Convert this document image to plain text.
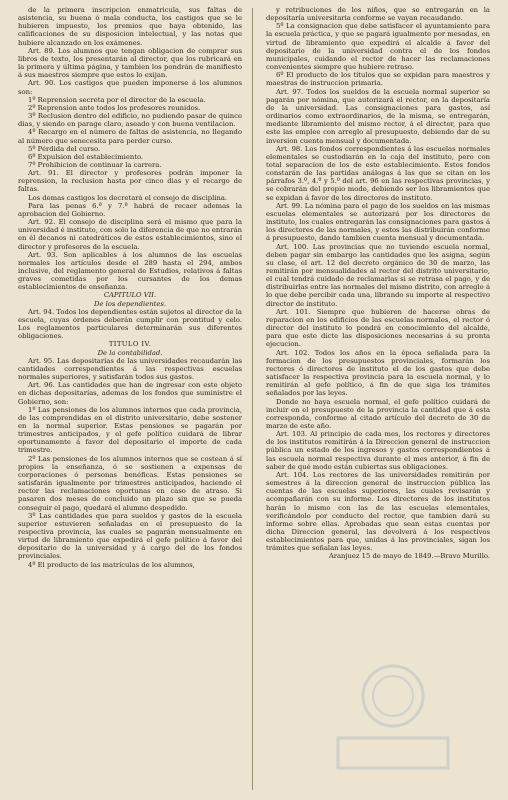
de la primera inscripcion enmatricula, sus faltas de asistencia, su buena ó mala conducta, los castigos que se le hubieren impuesto, los premios que haya obtenido, las calificaciones de su disposicion intelectual, y las notas que hubiere alcanzado en los exámenes.

Art. 89. Los alumnos que tengan obligacion de comprar sus libros de texto, los presentarán al director, que los rubricará en la primera y última página, y tambien los pondrán de manifiesto á sus maestros siempre que estos lo exijan.

Art. 90. Los castigos que pueden imponerse á los alumnos son:

1º Reprension secreta por el director de la escuela.

2º Reprension ante todos los profesores reunidos.

3º Reclusion dentro del edificio, no pudiendo pasar de quince dias, y siendo en parage claro, aseado y con buena ventilacion.

4º Recargo en el número de faltas de asistencia, no llegando al número que senecesita para perder curso.

5º Pérdida del curso.

6º Expulsion del establecimiento.

7º Prohibicion de continuar la carrera.

Art. 91. El director y profesores podrán imponer la reprension, la reclusion hasta por cinco dias y el recargo de faltas.

Los demas castigos los decretará el consejo de disciplina.

Para las penas 6.ª y 7.ª habrá de recaer ademas la aprobacion del Gobierno.

Art. 92. El consejo de disciplina será el mismo que para la universidad é instituto, con solo la diferencia de que no entrarán en él decanos ni catedráticos de estos establecimientos, sino el director y profesores de la escuela.

Art. 93. Son aplicables á los alumnos de las escuelas normales los artículos desde el 289 hasta el 294, ambos inclusive, del reglamento general de Estudios, relativos á faltas graves cometidas por los cursantes de los demas establecimientos de enseñanza.

CAPITULO VII.

De los dependientes.

Art. 94. Todos los dependientes están sujetos al director de la escuela, cuyas órdenes deberán cumplir con prontitud y celo. Los reglamentos particulares determinarán sus diferentes obligaciones.

TITULO IV.

De la contabilidad.

Art. 95. Las depositarías de las universidades recaudarán las cantidades correspondientes á las respectivas escuelas normales superiores, y satisfarán todos sus gastos.

Art. 96. Las cantidades que han de ingresar con este objeto en dichas depositarías, ademas de los fondos que suministre el Gobierno, son:

1º Las pensiones de los alumnos internos que cada provincia, de las comprendidas en el distrito universitario, debe sostener en la normal superior. Estas pensiones se pagarán por trimestres anticipados, y el gefe político cuidará de librar oportunamente á favor del depositario el importe de cada trimestre.

2º Las pensiones de los alumnos internos que se costean á sí propios la enseñanza, ó se sostienen a expensas de corporaciones ó personas benéficas. Estas pensiones se satisfarán igualmente por trimestres anticipados, haciendo el rector las reclamaciones oportunas en caso de atraso. Si pasaren dos meses de concluido un plazo sin que se pueda conseguir el pago, quedará el alumno despedido.

3º Las cantidades que para sueldos y gastos de la escuela superior estuvieren señaladas en el presupuesto de la respectiva provincia, las cuales se pagarán mensualmente en virtud de libramiento que expedirá el gefe político á favor del depositario de la universidad y á cargo del de los fondos provinciales.

4º El producto de las matrículas de los alumnos,

y retribuciones de los niños, que se entregarán en la depositaría universitaria conforme se vayan recaudando.

5º La consignacion que debe satisfacer el ayuntamiento para la escuela práctica, y que se pagará igualmente por mesadas, en virtud de libramiento que expedirá el alcalde á favor del depositario de la universidad contra el de los fondos municipales, cuidando el rector de hacer las reclamaciones convenientes siempre que hubiere retraso.

6º El producto de los títulos que se expidan para maestros y maestras de instruccion primaria.

Art. 97. Todos los sueldos de la escuela normal superior se pagarán por nómina, que autorizará el rector, en la depositaría de la universidad. Las consignaciones para gastos, así ordinarios como extraordinarios, de la misma, se entregarán, mediante libramiento del mismo rector, á el director, para que este las emplee con arreglo al presupuesto, debiendo dar de su inversion cuenta mensual y documentada.

Art. 98. Los fondos correspondientes á las escuelas normales elementales se custodiarán en la caja del instituto, pero con total separacion de los de este establecimiento. Estos fondos constarán de las partidas análogas á las que se citan en los párrafos 3.º, 4.º y 5.º del art. 96 en las respectivas provincias, y se cobrarán del propio modo, debiendo ser los libramientos que se expidan á favor de los directores de instituto.

Art. 99. La nómina para el pago de los sueldos en las mismas escuelas elementales se autorizará por los directores de instituto, los cuales entregarán las consignaciones para gastos á los directores de las normales, y estos las distribuirán conforme á presupuesto, dando tambien cuenta mensual y documentada.

Art. 100. Las provincias que no tuviendo escuela normal, deben pagar sin embargo las cantidades que les asigna, según su clase, el art. 12 del decreto orgánico de 30 de marzo, las remitirán por mensualidades al rector del distrito universitario, el cual tendrá cuidado de reclamarlas si se retrasa el pago, y de distribuirlas entre las normales del mismo distrito, con arreglo á lo que debe percibir cada una, librando su importe al respectivo director de instituto.

Art. 101. Siempre que hubieren de hacerse obras de reparacion en los edificios de las escuelas normales, el rector ó director del instituto lo pondrá en conocimiento del alcalde, para que este dicte las disposiciones necesarias á su pronta ejecucion.

Art. 102. Todos los años en la época señalada para la formacion de los presupuestos provinciales, formarán los rectores ó directores de instituto el de los gastos que debe satisfacer la respectiva provincia para la escuela normal, y lo remitirán al gefe político, á fin de que siga los trámites señalados por las leyes.

Donde no haya escuela normal, el gefe político cuidará de incluir en el presupuesto de la provincia la cantidad que á esta corresponda, conforme al citado artículo del decreto de 30 de marzo de este año.

Art. 103. Al principio de cada mes, los rectores y directores de los institutos remitirán á la Direccion general de instruccion pública un estado de los ingresos y gastos correspondientes á las escuela normal respectiva durante el mes anterior, á fin de saber de qué modo están cubiertas sus obligaciones.

Art. 104. Los rectores de las universidades remitirán por semestres á la direccion general de instruccion pública las cuentas de las escuelas superiores, las cuales revisarán y acompañarán con su informe. Los directores de los institutos harán lo mismo con las de las escuelas elementales, verificándolo por conducto del rector, que tambien dará su informe sobre ellas. Aprobadas que sean estas cuentas por dicha Direccion general, las devolverá á los respectivos establecimientos para que, unidas á las provinciales, sigan los trámites que señalan las leyes.

Aranjuez 15 de mayo de 1849.—Bravo Murillo.
